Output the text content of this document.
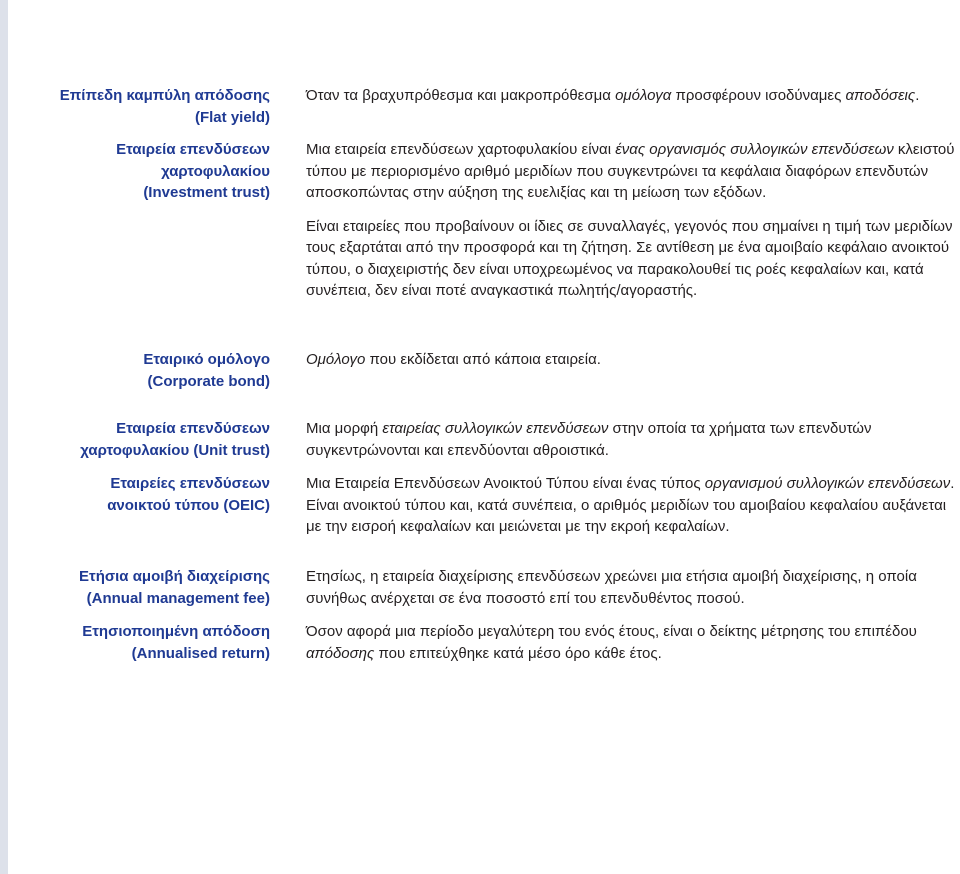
Επίπεδη καμπύλη απόδοσης
(Flat yield)

Όταν τα βραχυπρόθεσμα και μακροπρόθεσμα ομόλογα προσφέρουν ισοδύναμες αποδόσεις.

Εταιρεία επενδύσεων
χαρτοφυλακίου
(Investment trust)

Μια εταιρεία επενδύσεων χαρτοφυλακίου είναι ένας οργανισμός συλλογικών επενδύσεων κλειστού τύπου με περιορισμένο αριθμό μεριδίων που συγκεντρώνει τα κεφάλαια διαφόρων επενδυτών αποσκοπώντας στην αύξηση της ευελιξίας και τη μείωση των εξόδων.

Είναι εταιρείες που προβαίνουν οι ίδιες σε συναλλαγές, γεγονός που σημαίνει η τιμή των μεριδίων τους εξαρτάται από την προσφορά και τη ζήτηση. Σε αντίθεση με ένα αμοιβαίο κεφάλαιο ανοικτού τύπου, ο διαχειριστής δεν είναι υποχρεωμένος να παρακολουθεί τις ροές κεφαλαίων και, κατά συνέπεια, δεν είναι ποτέ αναγκαστικά πωλητής/αγοραστής.

Εταιρικό ομόλογο
(Corporate bond)

Ομόλογο που εκδίδεται από κάποια εταιρεία.

Εταιρεία επενδύσεων
χαρτοφυλακίου (Unit trust)

Μια μορφή εταιρείας συλλογικών επενδύσεων στην οποία τα χρήματα των επενδυτών συγκεντρώνονται και επενδύονται αθροιστικά.

Εταιρείες επενδύσεων
ανοικτού τύπου (OEIC)

Μια Εταιρεία Επενδύσεων Ανοικτού Τύπου είναι ένας τύπος οργανισμού συλλογικών επενδύσεων. Είναι ανοικτού τύπου και, κατά συνέπεια, ο αριθμός μεριδίων του αμοιβαίου κεφαλαίου αυξάνεται με την εισροή κεφαλαίων και μειώνεται με την εκροή κεφαλαίων.

Ετήσια αμοιβή διαχείρισης
(Annual management fee)

Ετησίως, η εταιρεία διαχείρισης επενδύσεων χρεώνει μια ετήσια αμοιβή διαχείρισης, η οποία συνήθως ανέρχεται σε ένα ποσοστό επί του επενδυθέντος ποσού.

Ετησιοποιημένη απόδοση
(Annualised return)

Όσον αφορά μια περίοδο μεγαλύτερη του ενός έτους, είναι ο δείκτης μέτρησης του επιπέδου απόδοσης που επιτεύχθηκε κατά μέσο όρο κάθε έτος.
